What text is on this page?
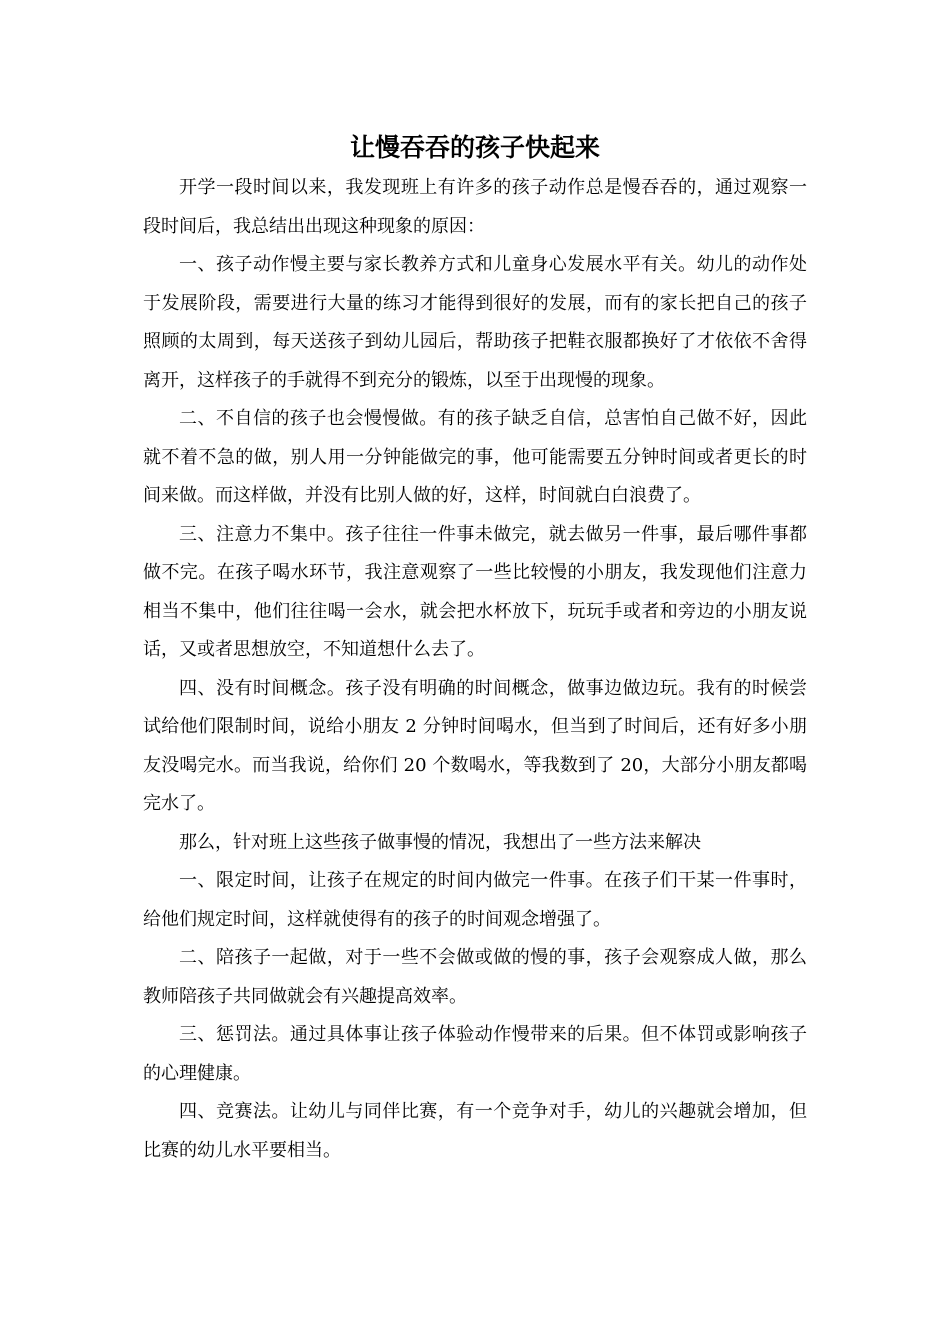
让慢吞吞的孩子快起来

开学一段时间以来，我发现班上有许多的孩子动作总是慢吞吞的，通过观察一段时间后，我总结出出现这种现象的原因：

一、孩子动作慢主要与家长教养方式和儿童身心发展水平有关。幼儿的动作处于发展阶段，需要进行大量的练习才能得到很好的发展，而有的家长把自己的孩子照顾的太周到，每天送孩子到幼儿园后，帮助孩子把鞋衣服都换好了才依依不舍得离开，这样孩子的手就得不到充分的锻炼，以至于出现慢的现象。

二、不自信的孩子也会慢慢做。有的孩子缺乏自信，总害怕自己做不好，因此就不着不急的做，别人用一分钟能做完的事，他可能需要五分钟时间或者更长的时间来做。而这样做，并没有比别人做的好，这样，时间就白白浪费了。

三、注意力不集中。孩子往往一件事未做完，就去做另一件事，最后哪件事都做不完。在孩子喝水环节，我注意观察了一些比较慢的小朋友，我发现他们注意力相当不集中，他们往往喝一会水，就会把水杯放下，玩玩手或者和旁边的小朋友说话，又或者思想放空，不知道想什么去了。

四、没有时间概念。孩子没有明确的时间概念，做事边做边玩。我有的时候尝试给他们限制时间，说给小朋友 2 分钟时间喝水，但当到了时间后，还有好多小朋友没喝完水。而当我说，给你们 20 个数喝水，等我数到了 20，大部分小朋友都喝完水了。

那么，针对班上这些孩子做事慢的情况，我想出了一些方法来解决

一、限定时间，让孩子在规定的时间内做完一件事。在孩子们干某一件事时，给他们规定时间，这样就使得有的孩子的时间观念增强了。

二、陪孩子一起做，对于一些不会做或做的慢的事，孩子会观察成人做，那么教师陪孩子共同做就会有兴趣提高效率。

三、惩罚法。通过具体事让孩子体验动作慢带来的后果。但不体罚或影响孩子的心理健康。

四、竞赛法。让幼儿与同伴比赛，有一个竞争对手，幼儿的兴趣就会增加，但比赛的幼儿水平要相当。
